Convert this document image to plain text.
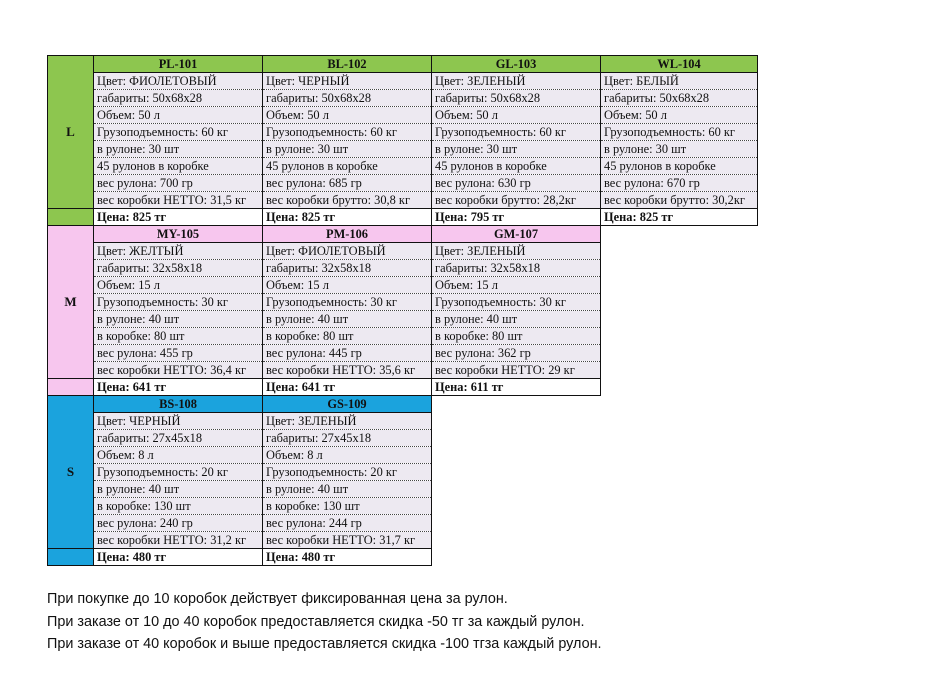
L	PL-101	BL-102	GL-103	WL-104
	Цвет: ФИОЛЕТОВЫЙ	Цвет: ЧЕРНЫЙ	Цвет: ЗЕЛЕНЫЙ	Цвет: БЕЛЫЙ
	габариты: 50х68х28	габариты: 50х68х28	габариты: 50х68х28	габариты: 50х68х28
	Объем: 50 л	Объем: 50 л	Объем: 50 л	Объем: 50 л
	Грузоподъемность: 60 кг	Грузоподъемность: 60 кг	Грузоподъемность: 60 кг	Грузоподъемность: 60 кг
	в рулоне: 30 шт	в рулоне: 30 шт	в рулоне: 30 шт	в рулоне: 30 шт
	45 рулонов в коробке	45 рулонов в коробке	45 рулонов в коробке	45 рулонов в коробке
	вес рулона: 700 гр	вес рулона: 685 гр	вес рулона: 630 гр	вес рулона: 670 гр
	вес коробки НЕТТО: 31,5 кг	вес коробки брутто: 30,8 кг	вес коробки брутто: 28,2кг	вес коробки брутто: 30,2кг
	Цена: 825 тг	Цена: 825 тг	Цена: 795 тг	Цена: 825 тг
M	MY-105	PM-106	GM-107	
	Цвет: ЖЕЛТЫЙ	Цвет: ФИОЛЕТОВЫЙ	Цвет: ЗЕЛЕНЫЙ	
	габариты: 32х58х18	габариты: 32х58х18	габариты: 32х58х18	
	Объем: 15 л	Объем: 15 л	Объем: 15 л	
	Грузоподъемность: 30 кг	Грузоподъемность: 30 кг	Грузоподъемность: 30 кг	
	в рулоне: 40 шт	в рулоне: 40 шт	в рулоне: 40 шт	
	в коробке: 80 шт	в коробке: 80 шт	в коробке: 80 шт	
	вес рулона: 455 гр	вес рулона: 445 гр	вес рулона: 362 гр	
	вес коробки НЕТТО: 36,4 кг	вес коробки НЕТТО: 35,6 кг	вес коробки НЕТТО: 29 кг	
	Цена: 641 тг	Цена: 641 тг	Цена: 611 тг	
S	BS-108	GS-109		
	Цвет: ЧЕРНЫЙ	Цвет: ЗЕЛЕНЫЙ		
	габариты: 27х45х18	габариты: 27х45х18		
	Объем: 8 л	Объем: 8 л		
	Грузоподъемность: 20 кг	Грузоподъемность: 20 кг		
	в рулоне: 40 шт	в рулоне: 40 шт		
	в коробке: 130 шт	в коробке: 130 шт		
	вес рулона: 240 гр	вес рулона: 244 гр		
	вес коробки НЕТТО: 31,2 кг	вес коробки НЕТТО: 31,7 кг		
	Цена: 480 тг	Цена: 480 тг		

При покупке до 10 коробок действует фиксированная цена за рулон.

При заказе от 10 до 40 коробок предоставляется скидка -50 тг за каждый рулон.

При заказе от 40 коробок и выше предоставляется скидка -100 тгза каждый рулон.
